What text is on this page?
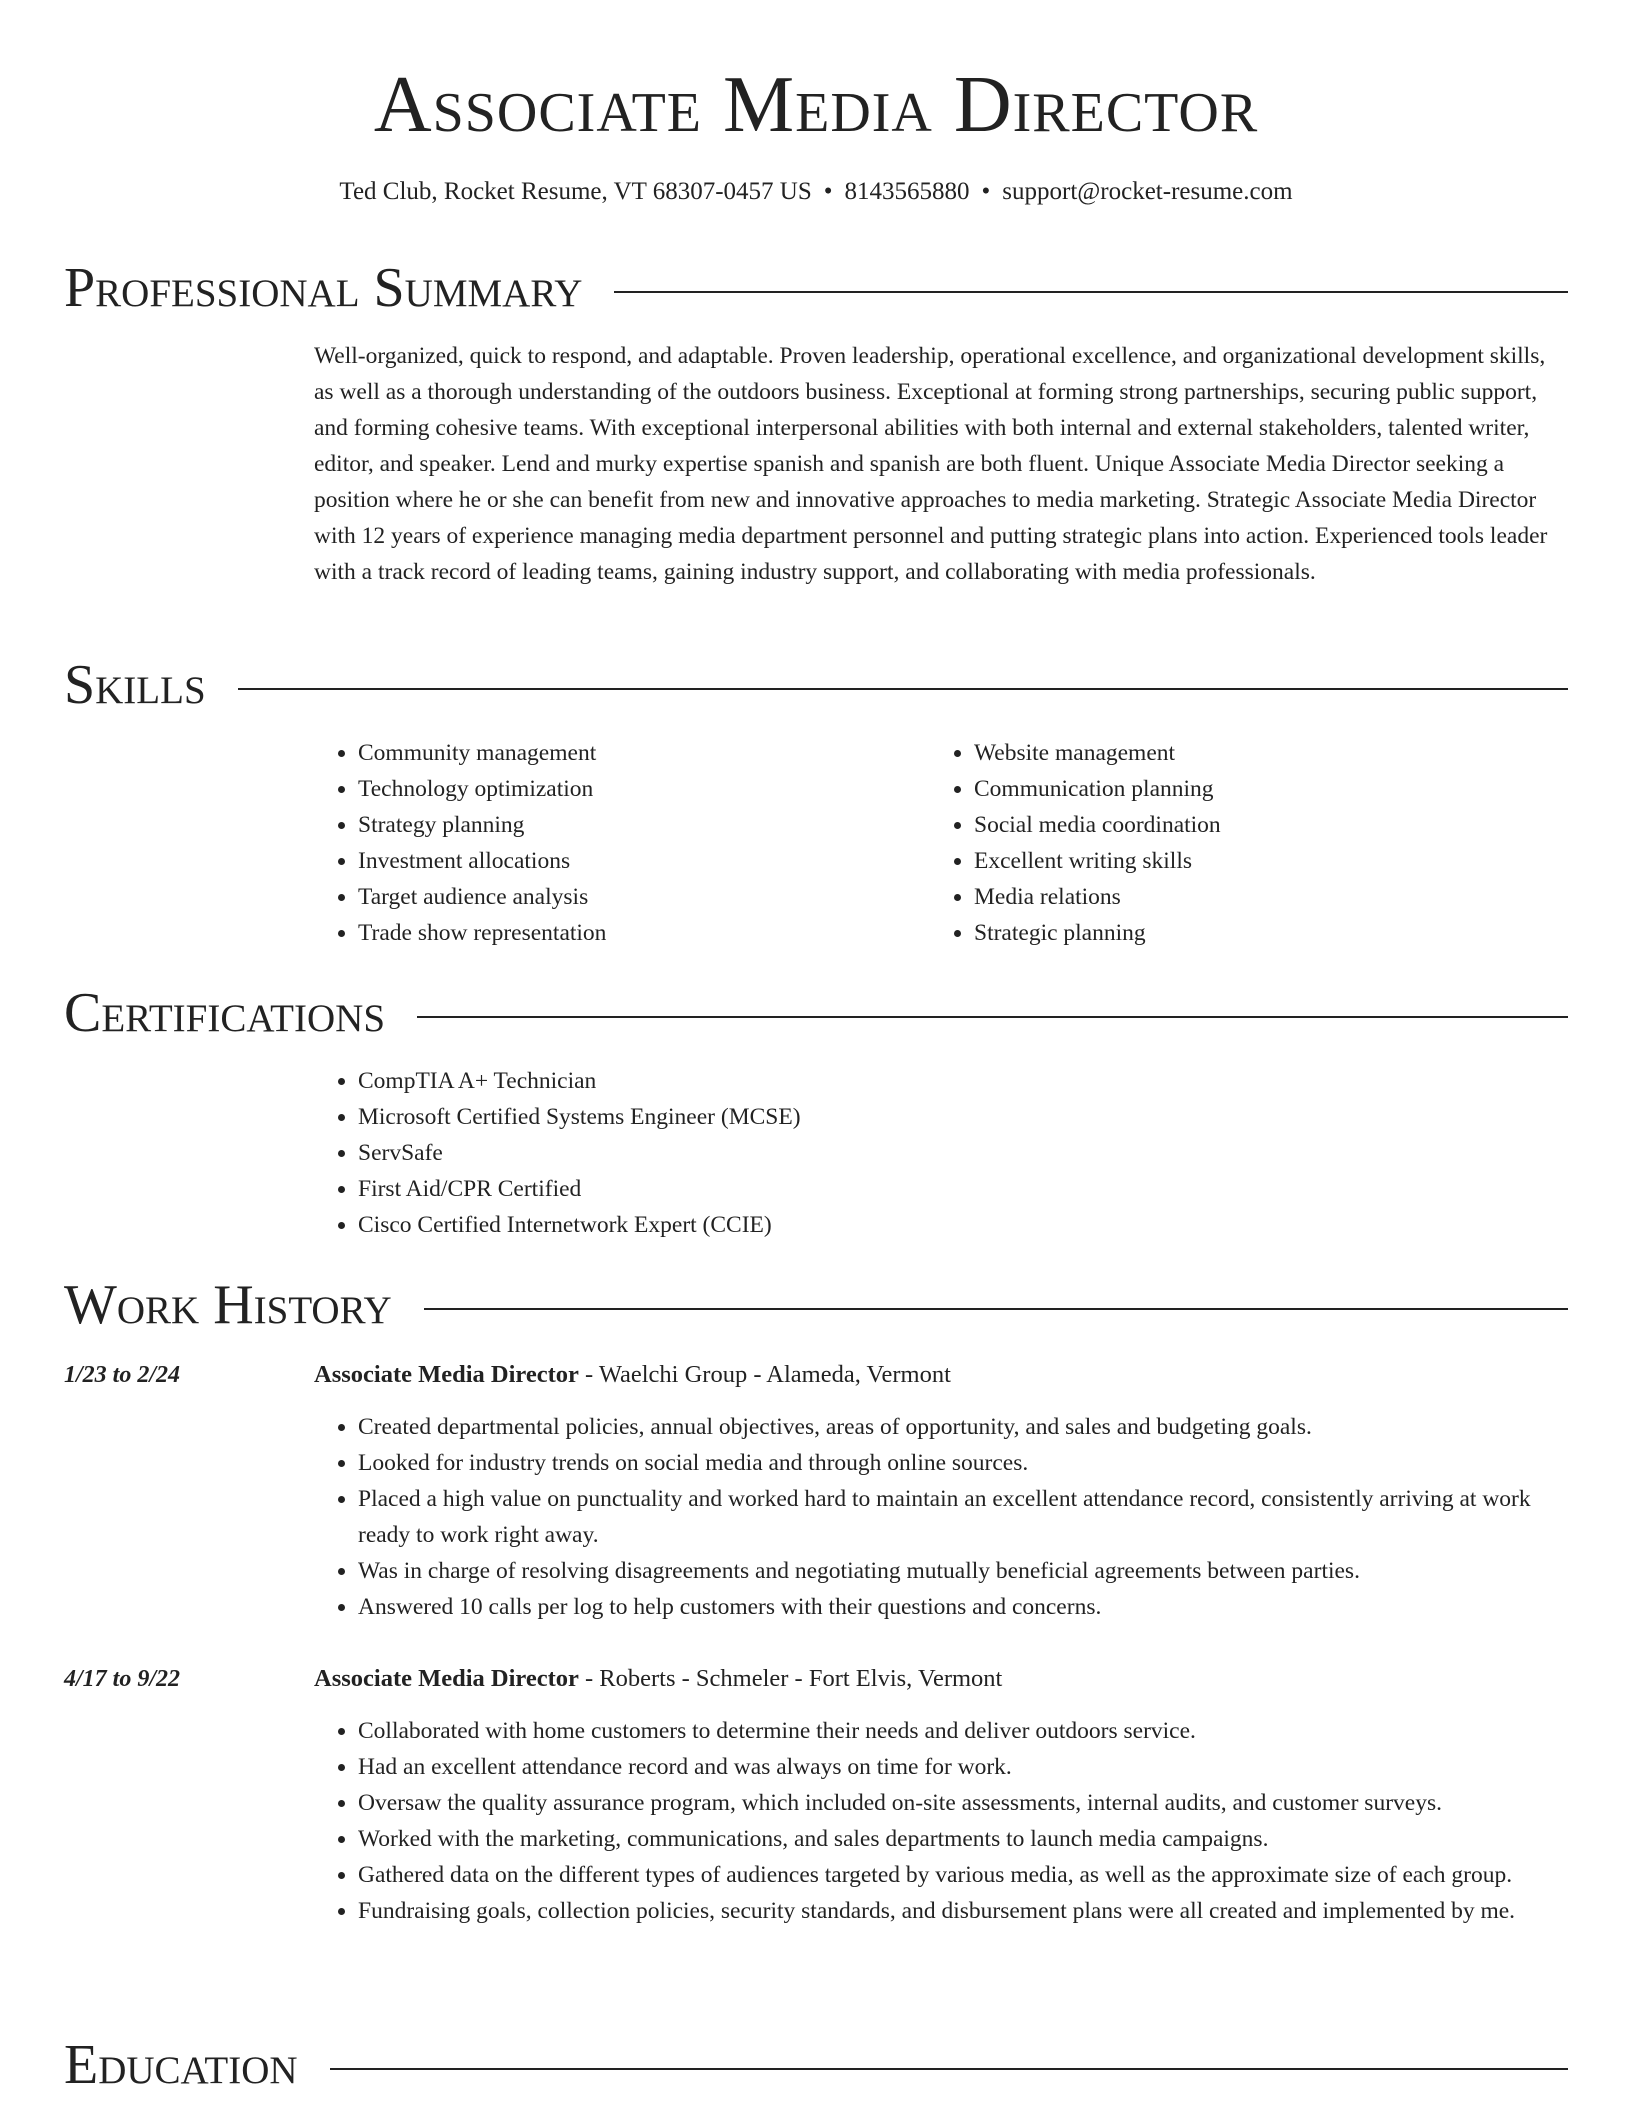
Associate Media Director
Ted Club, Rocket Resume, VT 68307-0457 US • 8143565880 • support@rocket-resume.com
Professional Summary
Well-organized, quick to respond, and adaptable. Proven leadership, operational excellence, and organizational development skills, as well as a thorough understanding of the outdoors business. Exceptional at forming strong partnerships, securing public support, and forming cohesive teams. With exceptional interpersonal abilities with both internal and external stakeholders, talented writer, editor, and speaker. Lend and murky expertise spanish and spanish are both fluent. Unique Associate Media Director seeking a position where he or she can benefit from new and innovative approaches to media marketing. Strategic Associate Media Director with 12 years of experience managing media department personnel and putting strategic plans into action. Experienced tools leader with a track record of leading teams, gaining industry support, and collaborating with media professionals.
Skills
• Community management
• Technology optimization
• Strategy planning
• Investment allocations
• Target audience analysis
• Trade show representation
• Website management
• Communication planning
• Social media coordination
• Excellent writing skills
• Media relations
• Strategic planning
Certifications
• CompTIA A+ Technician
• Microsoft Certified Systems Engineer (MCSE)
• ServSafe
• First Aid/CPR Certified
• Cisco Certified Internetwork Expert (CCIE)
Work History
1/23 to 2/24	Associate Media Director - Waelchi Group - Alameda, Vermont
• Created departmental policies, annual objectives, areas of opportunity, and sales and budgeting goals.
• Looked for industry trends on social media and through online sources.
• Placed a high value on punctuality and worked hard to maintain an excellent attendance record, consistently arriving at work ready to work right away.
• Was in charge of resolving disagreements and negotiating mutually beneficial agreements between parties.
• Answered 10 calls per log to help customers with their questions and concerns.
4/17 to 9/22	Associate Media Director - Roberts - Schmeler - Fort Elvis, Vermont
• Collaborated with home customers to determine their needs and deliver outdoors service.
• Had an excellent attendance record and was always on time for work.
• Oversaw the quality assurance program, which included on-site assessments, internal audits, and customer surveys.
• Worked with the marketing, communications, and sales departments to launch media campaigns.
• Gathered data on the different types of audiences targeted by various media, as well as the approximate size of each group.
• Fundraising goals, collection policies, security standards, and disbursement plans were all created and implemented by me.
Education
